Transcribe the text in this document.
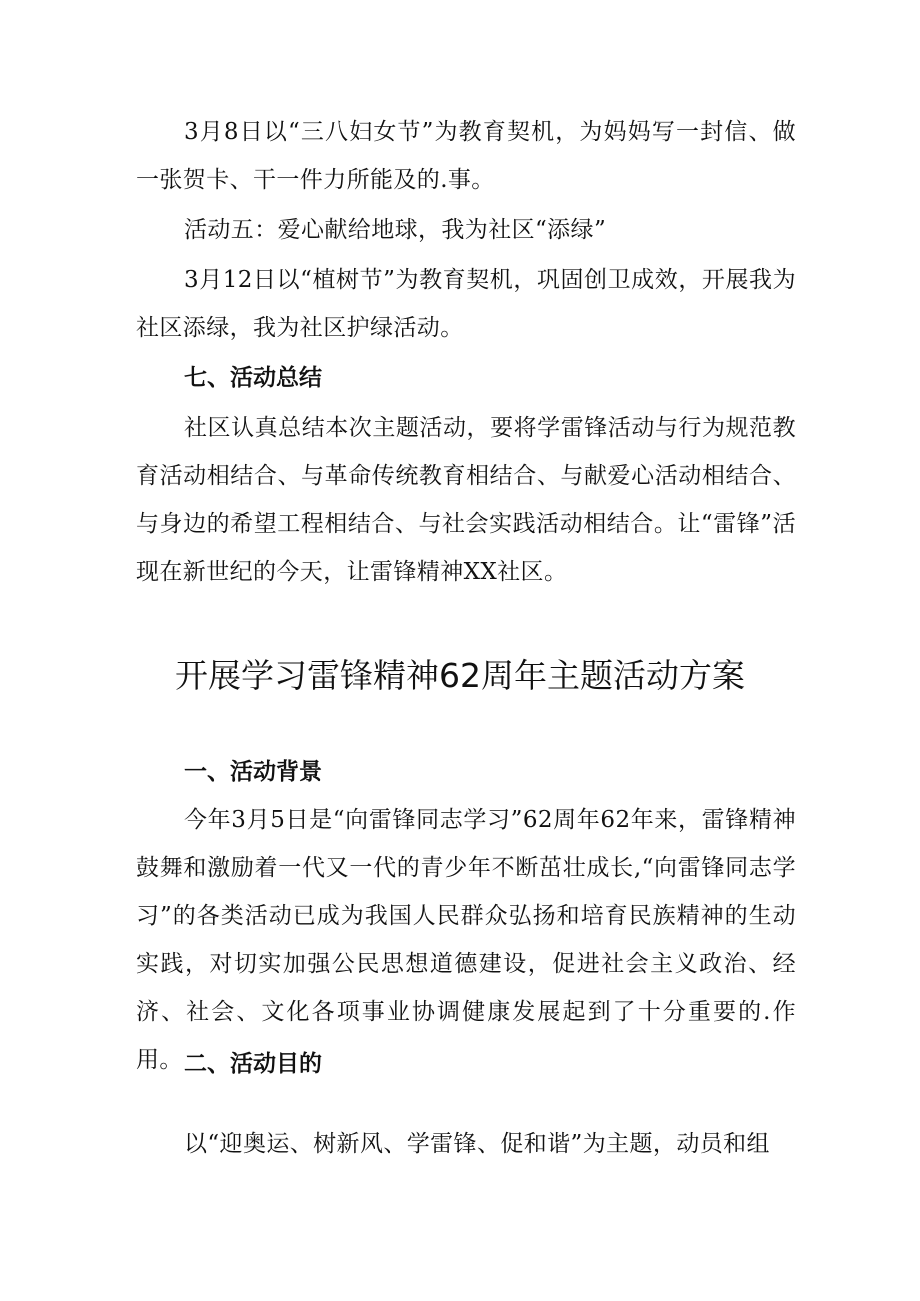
3月8日以“三八妇女节”为教育契机，为妈妈写一封信、做一张贺卡、干一件力所能及的.事。

活动五：爱心献给地球，我为社区“添绿”

3月12日以“植树节”为教育契机，巩固创卫成效，开展我为社区添绿，我为社区护绿活动。

七、活动总结

社区认真总结本次主题活动，要将学雷锋活动与行为规范教育活动相结合、与革命传统教育相结合、与献爱心活动相结合、与身边的希望工程相结合、与社会实践活动相结合。让“雷锋”活现在新世纪的今天，让雷锋精神XX社区。

开展学习雷锋精神62周年主题活动方案
一、活动背景

今年3月5日是“向雷锋同志学习”62周年62年来，雷锋精神鼓舞和激励着一代又一代的青少年不断茁壮成长,“向雷锋同志学习”的各类活动已成为我国人民群众弘扬和培育民族精神的生动实践，对切实加强公民思想道德建设，促进社会主义政治、经济、社会、文化各项事业协调健康发展起到了十分重要的.作用。 二、活动目的

以“迎奥运、树新风、学雷锋、促和谐”为主题，动员和组
